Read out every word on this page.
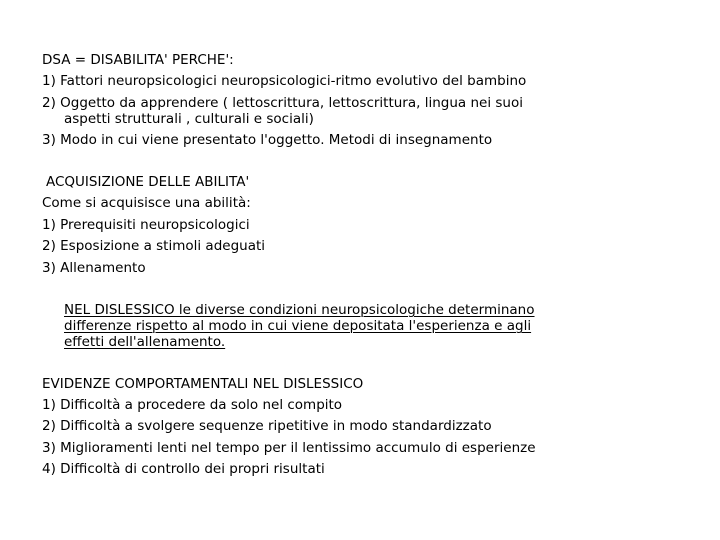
DSA = DISABILITA' PERCHE':
1) Fattori neuropsicologici neuropsicologici-ritmo evolutivo del bambino
2) Oggetto da apprendere ( lettoscrittura, lettoscrittura, lingua nei suoi
aspetti strutturali , culturali e sociali)
3) Modo in cui viene presentato l'oggetto. Metodi di insegnamento
ACQUISIZIONE DELLE ABILITA'
Come si acquisisce una abilità:
1) Prerequisiti neuropsicologici
2) Esposizione a stimoli adeguati
3) Allenamento
NEL DISLESSICO le diverse condizioni neuropsicologiche determinano
differenze rispetto al modo in cui viene depositata l'esperienza e agli
effetti dell'allenamento.
EVIDENZE COMPORTAMENTALI NEL DISLESSICO
1) Difficoltà a procedere da solo nel compito
2) Difficoltà a svolgere sequenze ripetitive in modo standardizzato
3) Miglioramenti lenti nel tempo per il lentissimo accumulo di esperienze
4) Difficoltà di controllo dei propri risultati
